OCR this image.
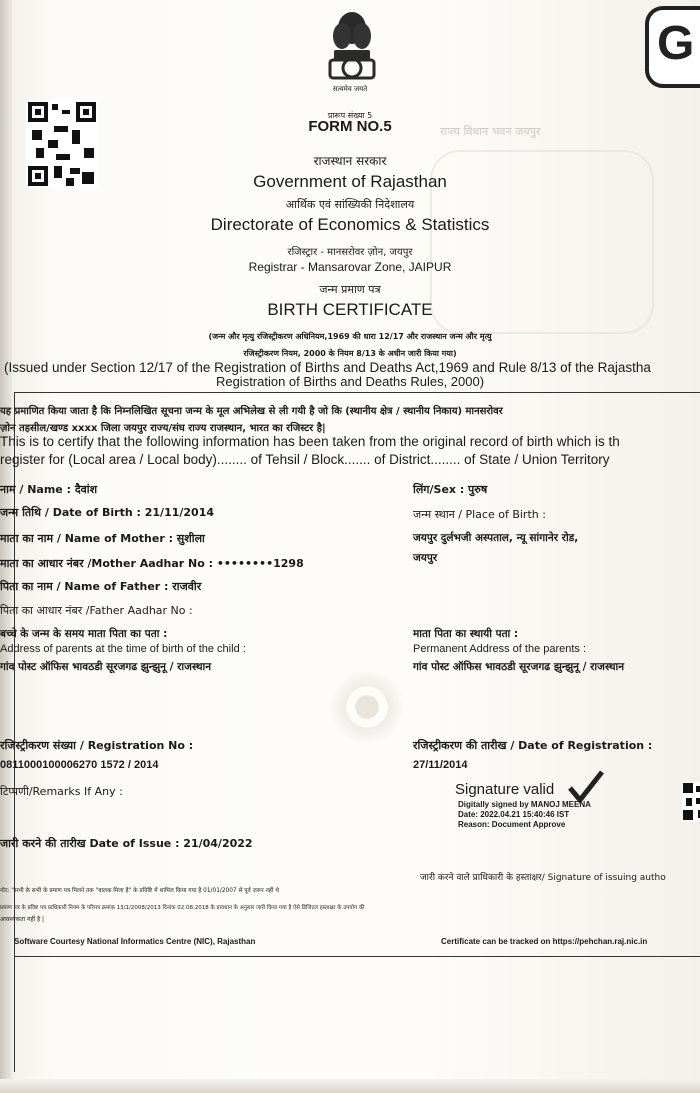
राज्य विधान भवन जयपुर
सत्यमेव जयते
G
प्रारूप संख्या 5
FORM NO.5
राजस्थान सरकार
Government of Rajasthan
आर्थिक एवं सांख्यिकी निदेशालय
Directorate of Economics & Statistics
रजिस्ट्रार - मानसरोवर ज़ोन, जयपुर
Registrar - Mansarovar Zone, JAIPUR
जन्म प्रमाण पत्र
BIRTH CERTIFICATE
(जन्म और मृत्यु रजिस्ट्रीकरण अधिनियम,1969 की धारा 12/17 और राजस्थान जन्म और मृत्यु
रजिस्ट्रीकरण नियम, 2000 के नियम 8/13 के अधीन जारी किया गया)
(Issued under Section 12/17 of the Registration of Births and Deaths Act,1969 and Rule 8/13 of the Rajastha
Registration of Births and Deaths Rules, 2000)
यह प्रमाणित किया जाता है कि निम्नलिखित सूचना जन्म के मूल अभिलेख से ली गयी है जो कि (स्थानीय क्षेत्र / स्थानीय निकाय) मानसरोवर
ज़ोन तहसील/खण्ड xxxx जिला जयपुर राज्य/संघ राज्य राजस्थान, भारत का रजिस्टर है|
This is to certify that the following information has been taken from the original record of birth which is th
register for (Local area / Local body)........ of Tehsil / Block....... of District........ of State / Union Territory
नाम / Name : दैवांश	लिंग/Sex : पुरुष
जन्म तिथि / Date of Birth : 21/11/2014	जन्म स्थान / Place of Birth :
माता का नाम / Name of Mother : सुशीला	जयपुर दुर्लभजी अस्पताल, न्यू सांगानेर रोड,
जयपुर
माता का आधार नंबर /Mother Aadhar No : ••••••••1298
पिता का नाम / Name of Father : राजवीर
पिता का आधार नंबर /Father Aadhar No :
बच्चे के जन्म के समय माता पिता का पता :
Address of parents at the time of birth of the child :
गांव पोस्ट ऑफिस भावठडी सूरजगढ झुन्झुनू / राजस्थान
माता पिता का स्थायी पता :
Permanent Address of the parents :
गांव पोस्ट ऑफिस भावठडी सूरजगढ झुन्झुनू / राजस्थान
रजिस्ट्रीकरण संख्या / Registration No :
0811000100006270 1572 / 2014
रजिस्ट्रीकरण की तारीख / Date of Registration :
27/11/2014
टिप्पणी/Remarks If Any :
जारी करने की तारीख Date of Issue : 21/04/2022
Signature valid
Digitally signed by MANOJ MEENA
Date: 2022.04.21 15:40:46 IST
Reason: Document Approve
जारी करने वाले प्राधिकारी के हस्ताक्षर/ Signature of issuing autho
नोट: "सभी के सभी के प्रमाण पत्र मिलने तक "बालक मिला है" के प्रविष्टि में शामिल किया गया है 01/01/2007 से पूर्व ज़रूर नहीं थे
प्रमाण पत्र के प्रविष्ट पत्र प्राधिकारी नियम के परिपत्र क्रमांक 13/1/2008/2013 दिनांक 02.08.2018 के प्रावधान के अनुसार जारी किया गया है ऐसे डिजिटल हस्ताक्षर के उपयोग की
आवश्यकता नहीं है |
Software Courtesy National Informatics Centre (NIC), Rajasthan	Certificate can be tracked on https://pehchan.raj.nic.in
